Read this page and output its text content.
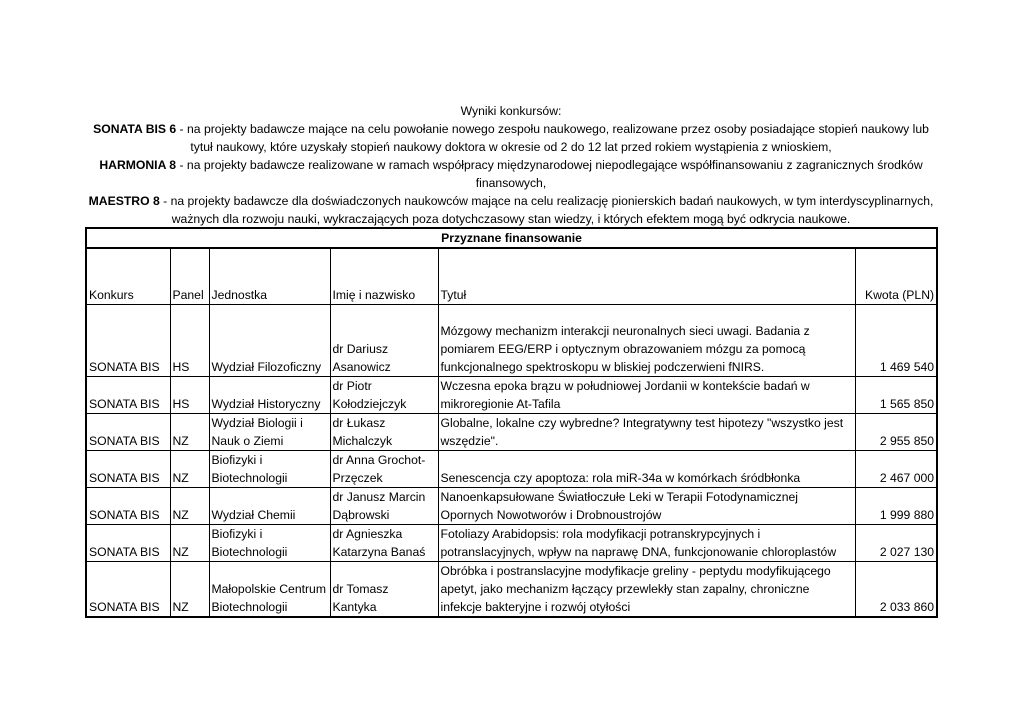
Wyniki konkursów:

SONATA BIS 6 - na projekty badawcze mające na celu powołanie nowego zespołu naukowego, realizowane przez osoby posiadające stopień naukowy lub tytuł naukowy, które uzyskały stopień naukowy doktora w okresie od 2 do 12 lat przed rokiem wystąpienia z wnioskiem,

HARMONIA 8 - na projekty badawcze realizowane w ramach współpracy międzynarodowej niepodlegające współfinansowaniu z zagranicznych środków finansowych,

MAESTRO 8 - na projekty badawcze dla doświadczonych naukowców mające na celu realizację pionierskich badań naukowych, w tym interdyscyplinarnych, ważnych dla rozwoju nauki, wykraczających poza dotychczasowy stan wiedzy, i których efektem mogą być odkrycia naukowe.

Przyznane finansowanie					
Konkurs	Panel	Jednostka	Imię i nazwisko	Tytuł	Kwota (PLN)
SONATA BIS	HS	Wydział Filozoficzny	dr Dariusz Asanowicz	Mózgowy mechanizm interakcji neuronalnych sieci uwagi. Badania z pomiarem EEG/ERP i optycznym obrazowaniem mózgu za pomocą funkcjonalnego spektroskopu w bliskiej podczerwieni fNIRS.	1 469 540
SONATA BIS	HS	Wydział Historyczny	dr Piotr Kołodziejczyk	Wczesna epoka brązu w południowej Jordanii w kontekście badań w mikroregionie At-Tafila	1 565 850
SONATA BIS	NZ	Wydział Biologii i Nauk o Ziemi	dr Łukasz Michalczyk	Globalne, lokalne czy wybredne? Integratywny test hipotezy "wszystko jest wszędzie".	2 955 850
SONATA BIS	NZ	Biofizyki i Biotechnologii	dr Anna Grochot-Przęczek	Senescencja czy apoptoza: rola miR-34a w komórkach śródbłonka	2 467 000
SONATA BIS	NZ	Wydział Chemii	dr Janusz Marcin Dąbrowski	Nanoenkapsułowane Światłoczułe Leki w Terapii Fotodynamicznej Opornych Nowotworów i Drobnoustrojów	1 999 880
SONATA BIS	NZ	Biofizyki i Biotechnologii	dr Agnieszka Katarzyna Banaś	Fotoliazy Arabidopsis: rola modyfikacji potranskrypcyjnych i potranslacyjnych, wpływ na naprawę DNA, funkcjonowanie chloroplastów	2 027 130
SONATA BIS	NZ	Małopolskie Centrum Biotechnologii	dr Tomasz Kantyka	Obróbka i postranslacyjne modyfikacje greliny - peptydu modyfikującego apetyt, jako mechanizm łączący przewlekły stan zapalny, chroniczne infekcje bakteryjne i rozwój otyłości	2 033 860
